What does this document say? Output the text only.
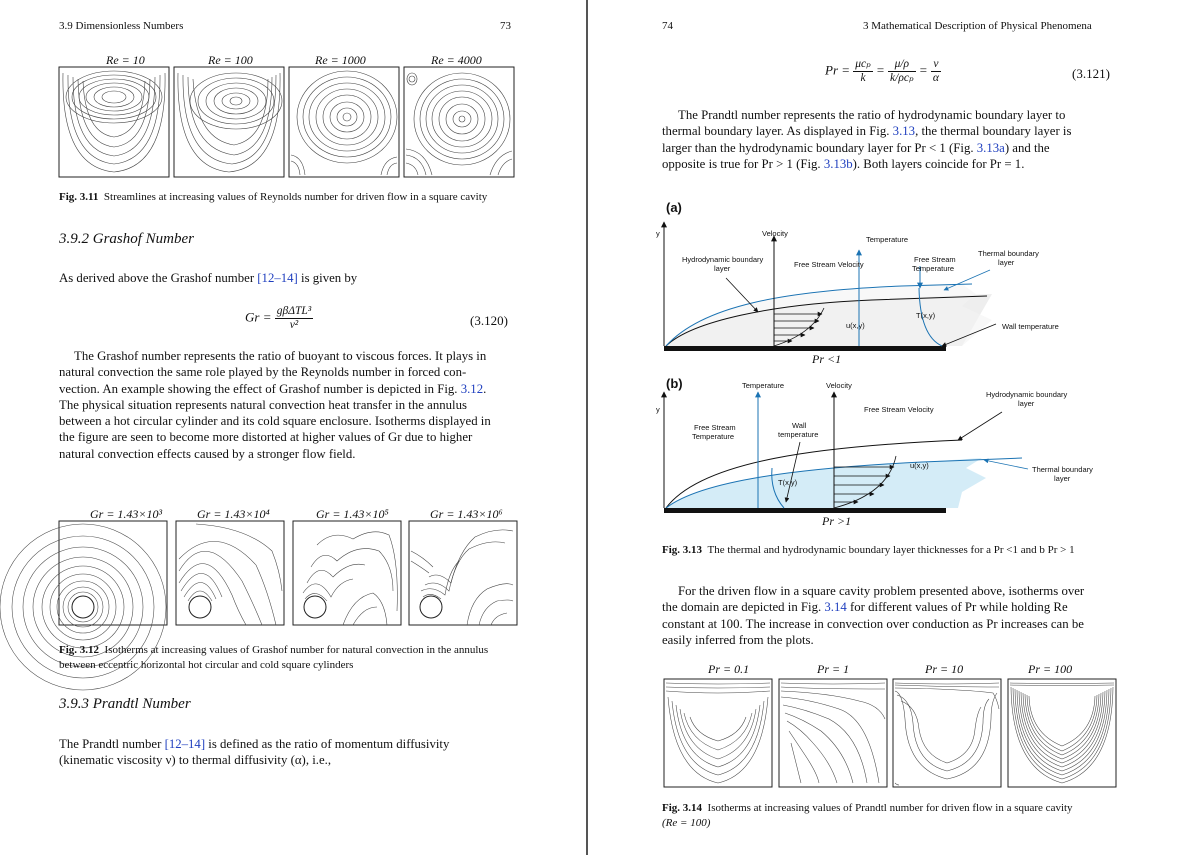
3.9 Dimensionless Numbers	73
Re = 10	Re = 100	Re = 1000	Re = 4000
Fig. 3.11 Streamlines at increasing values of Reynolds number for driven flow in a square cavity
3.9.2 Grashof Number
As derived above the Grashof number [12–14] is given by
$Gr = \frac{\text{gβΔTL³}}{\text{ν²}}$	(3.120)
The Grashof number represents the ratio of buoyant to viscous forces. It plays in
natural convection the same role played by the Reynolds number in forced con-
vection. An example showing the effect of Grashof number is depicted in Fig. 3.12.
The physical situation represents natural convection heat transfer in the annulus
between a hot circular cylinder and its cold square enclosure. Isotherms displayed in
the figure are seen to become more distorted at higher values of Gr due to higher
natural convection effects caused by a stronger flow field.
Gr = 1.43×10³	Gr = 1.43×10⁴	Gr = 1.43×10⁵	Gr = 1.43×10⁶
Fig. 3.12 Isotherms at increasing values of Grashof number for natural convection in the annulus
between eccentric horizontal hot circular and cold square cylinders
3.9.3 Prandtl Number
The Prandtl number [12–14] is defined as the ratio of momentum diffusivity
(kinematic viscosity ν) to thermal diffusivity (α), i.e.,
74	3 Mathematical Description of Physical Phenomena
$Pr = \frac{\text{μcₚ}}{k} = \frac{\mu/\rho}{\text{k/ρcₚ}} = \frac{\nu}{\alpha}$	(3.121)
The Prandtl number represents the ratio of hydrodynamic boundary layer to
thermal boundary layer. As displayed in Fig. 3.13, the thermal boundary layer is
larger than the hydrodynamic boundary layer for Pr < 1 (Fig. 3.13a) and the
opposite is true for Pr > 1 (Fig. 3.13b). Both layers coincide for Pr = 1.
(a)
y	Velocity
u(x,y)
Temperature
T(x,y)
Hydrodynamic boundary
layer	Free Stream Velocity
Free Stream
Temperature
Thermal boundary
layer
Wall temperature
Pr <1
(b)
y
Temperature
T(x,y)
Velocity
u(x,y)
Free Stream Velocity
Free Stream
Temperature
Wall
temperature
Hydrodynamic boundary
layer
Thermal boundary
layer
Pr >1
Fig. 3.13 The thermal and hydrodynamic boundary layer thicknesses for a Pr <1 and b Pr > 1
For the driven flow in a square cavity problem presented above, isotherms over
the domain are depicted in Fig. 3.14 for different values of Pr while holding Re
constant at 100. The increase in convection over conduction as Pr increases can be
easily inferred from the plots.
Pr = 0.1	Pr = 1	Pr = 10	Pr = 100
Fig. 3.14 Isotherms at increasing values of Prandtl number for driven flow in a square cavity
(Re = 100)
